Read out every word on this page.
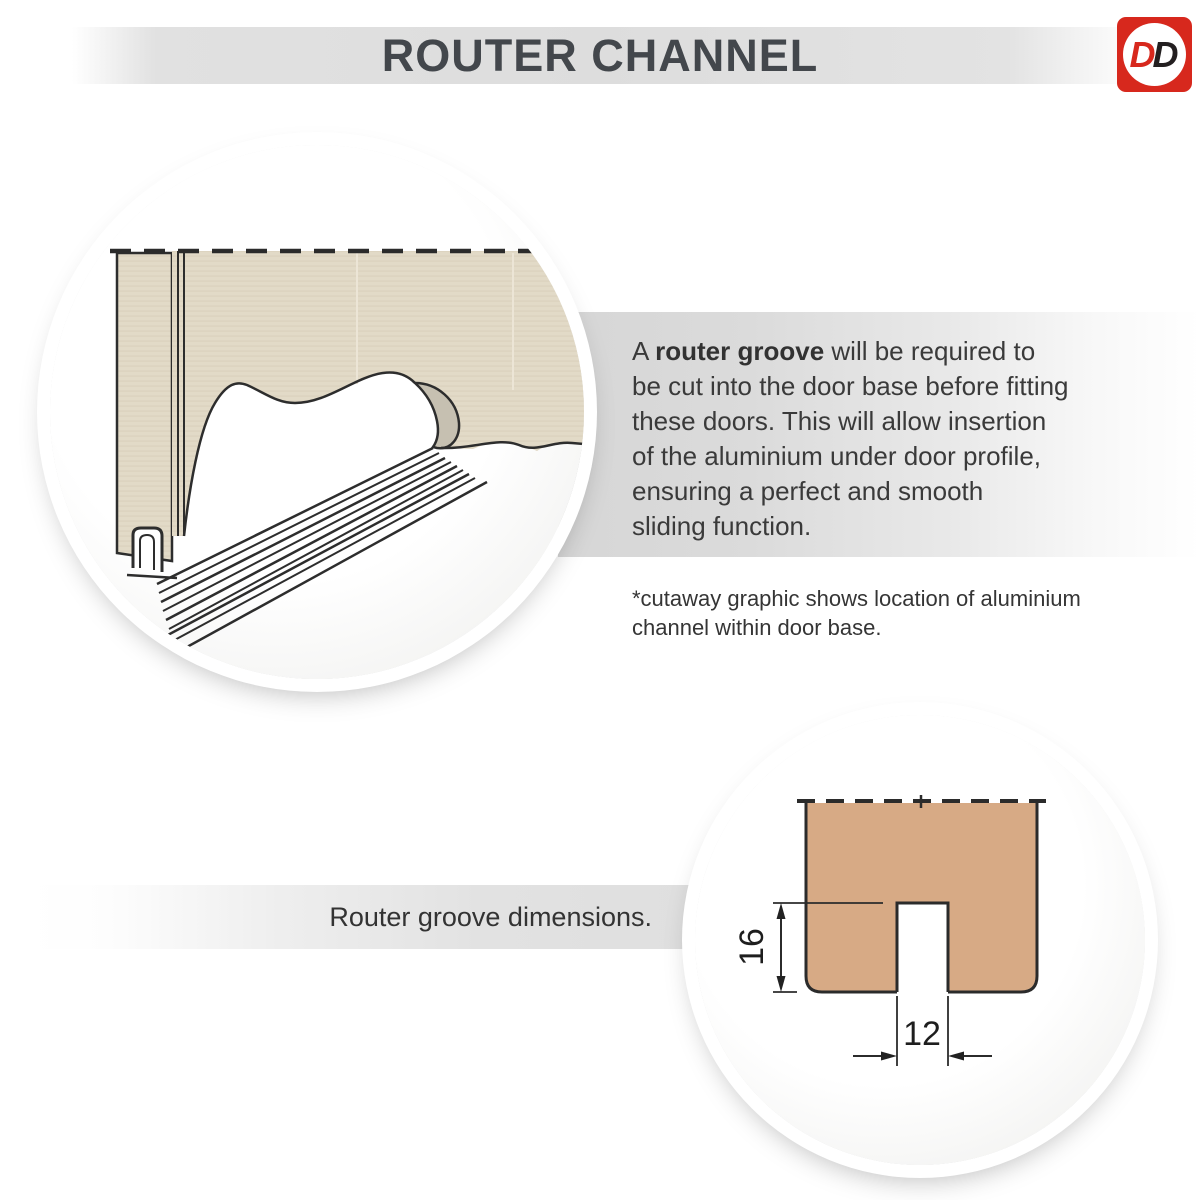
ROUTER CHANNEL	DD
A router groove will be required to
be cut into the door base before fitting
these doors. This will allow insertion
of the aluminium under door profile,
ensuring a perfect and smooth
sliding function.
*cutaway graphic shows location of aluminium
channel within door base.
Router groove dimensions.
16
12
